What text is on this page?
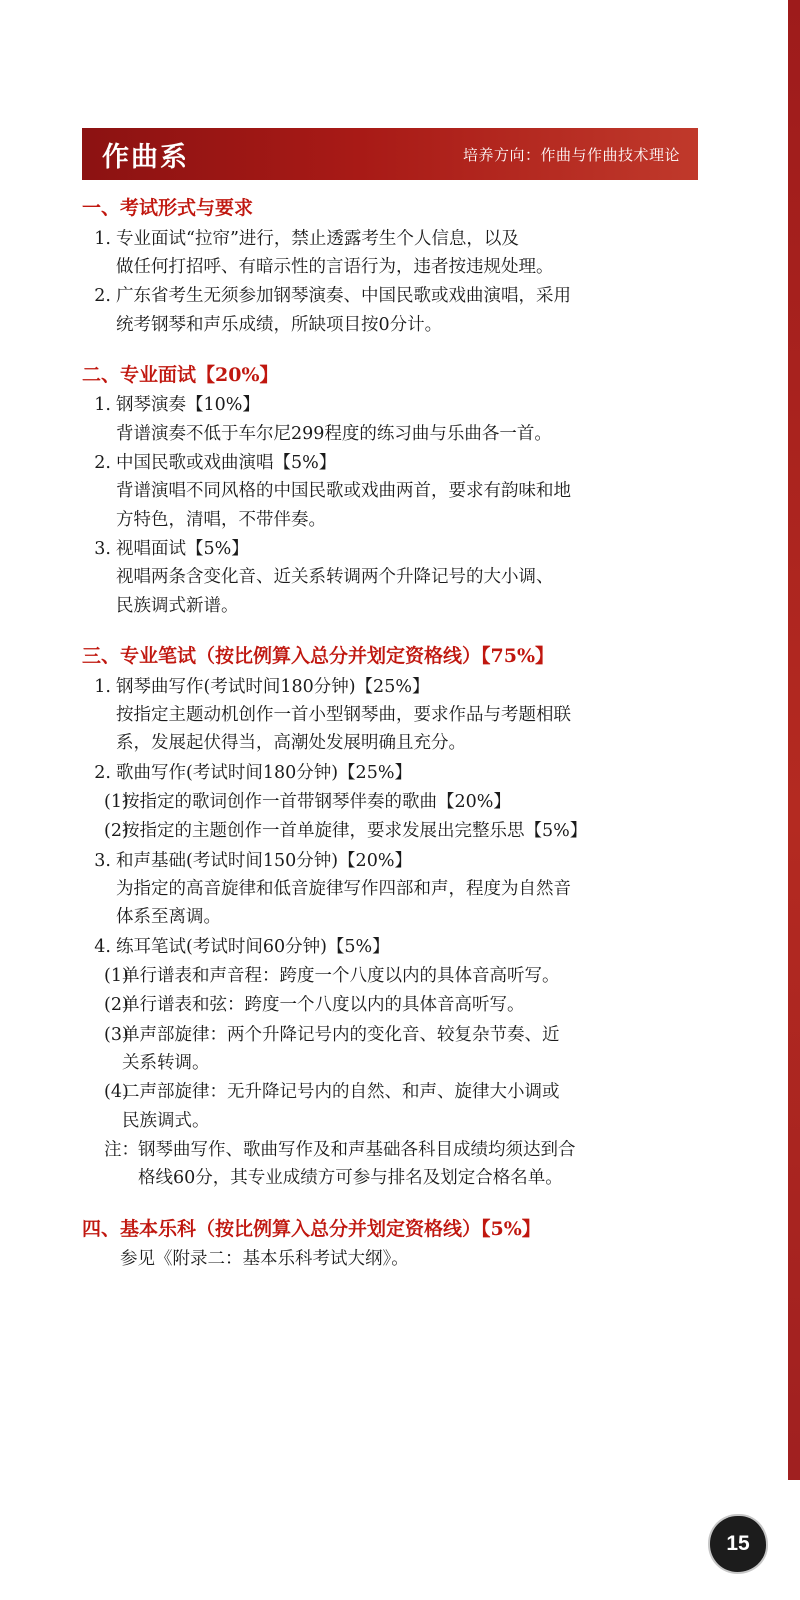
作曲系	培养方向：作曲与作曲技术理论
一、考试形式与要求
1. 专业面试“拉帘”进行，禁止透露考生个人信息，以及
做任何打招呼、有暗示性的言语行为，违者按违规处理。
2. 广东省考生无须参加钢琴演奏、中国民歌或戏曲演唱，采用
统考钢琴和声乐成绩，所缺项目按0分计。
二、专业面试【20%】
1. 钢琴演奏【10%】
背谱演奏不低于车尔尼299程度的练习曲与乐曲各一首。
2. 中国民歌或戏曲演唱【5%】
背谱演唱不同风格的中国民歌或戏曲两首，要求有韵味和地
方特色，清唱，不带伴奏。
3. 视唱面试【5%】
视唱两条含变化音、近关系转调两个升降记号的大小调、
民族调式新谱。
三、专业笔试（按比例算入总分并划定资格线）【75%】
1. 钢琴曲写作(考试时间180分钟)【25%】
按指定主题动机创作一首小型钢琴曲，要求作品与考题相联
系，发展起伏得当，高潮处发展明确且充分。
2. 歌曲写作(考试时间180分钟)【25%】
(1)
按指定的歌词创作一首带钢琴伴奏的歌曲【20%】
(2)
按指定的主题创作一首单旋律，要求发展出完整乐思【5%】
3. 和声基础(考试时间150分钟)【20%】
为指定的高音旋律和低音旋律写作四部和声，程度为自然音
体系至离调。
4. 练耳笔试(考试时间60分钟)【5%】
(1)
单行谱表和声音程：跨度一个八度以内的具体音高听写。
(2)
单行谱表和弦：跨度一个八度以内的具体音高听写。
(3)
单声部旋律：两个升降记号内的变化音、较复杂节奏、近
关系转调。
(4)
二声部旋律：无升降记号内的自然、和声、旋律大小调或
民族调式。
注： 钢琴曲写作、歌曲写作及和声基础各科目成绩均须达到合
格线60分，其专业成绩方可参与排名及划定合格名单。
四、基本乐科（按比例算入总分并划定资格线）【5%】
参见《附录二：基本乐科考试大纲》。
15
